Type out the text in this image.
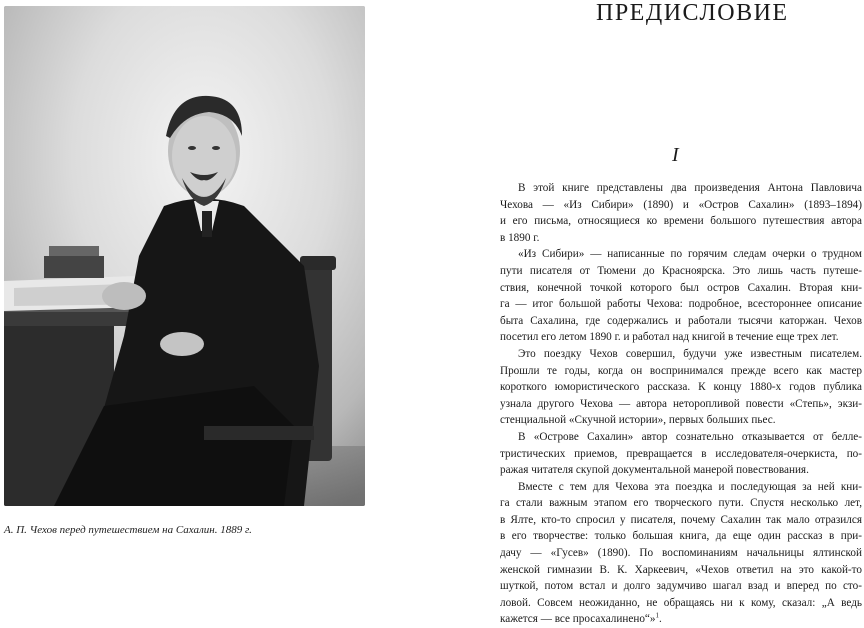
А. П. Чехов перед путешествием на Сахалин. 1889 г.
ПРЕДИСЛОВИЕ
I

В этой книге представлены два произведения Антона Павловича
Чехова — «Из Сибири» (1890) и «Остров Сахалин» (1893–1894)
и его письма, относящиеся ко времени большого путешествия автора
в 1890 г.

«Из Сибири» — написанные по горячим следам очерки о трудном
пути писателя от Тюмени до Красноярска. Это лишь часть путеше-
ствия, конечной точкой которого был остров Сахалин. Вторая кни-
га — итог большой работы Чехова: подробное, всестороннее описание
быта Сахалина, где содержались и работали тысячи каторжан. Чехов
посетил его летом 1890 г. и работал над книгой в течение еще трех лет.

Это поездку Чехов совершил, будучи уже известным писателем.
Прошли те годы, когда он воспринимался прежде всего как мастер
короткого юмористического рассказа. К концу 1880-х годов публика
узнала другого Чехова — автора неторопливой повести «Степь», экзи-
стенциальной «Скучной истории», первых больших пьес.

В «Острове Сахалин» автор сознательно отказывается от беллe-
тристических приемов, превращается в исследователя-очеркиста, по-
ражая читателя скупой документальной манерой повествования.

Вместе с тем для Чехова эта поездка и последующая за ней кни-
га стали важным этапом его творческого пути. Спустя несколько лет,
в Ялте, кто-то спросил у писателя, почему Сахалин так мало отразился
в его творчестве: только большая книга, да еще один рассказ в при-
дачу — «Гусев» (1890). По воспоминаниям начальницы ялтинской
женской гимназии В. К. Харкеевич, «Чехов ответил на это какой-то
шуткой, потом встал и долго задумчиво шагал взад и вперед по сто-
ловой. Совсем неожиданно, не обращаясь ни к кому, сказал: „А ведь
кажется — все просахалинено“»$^1$.
